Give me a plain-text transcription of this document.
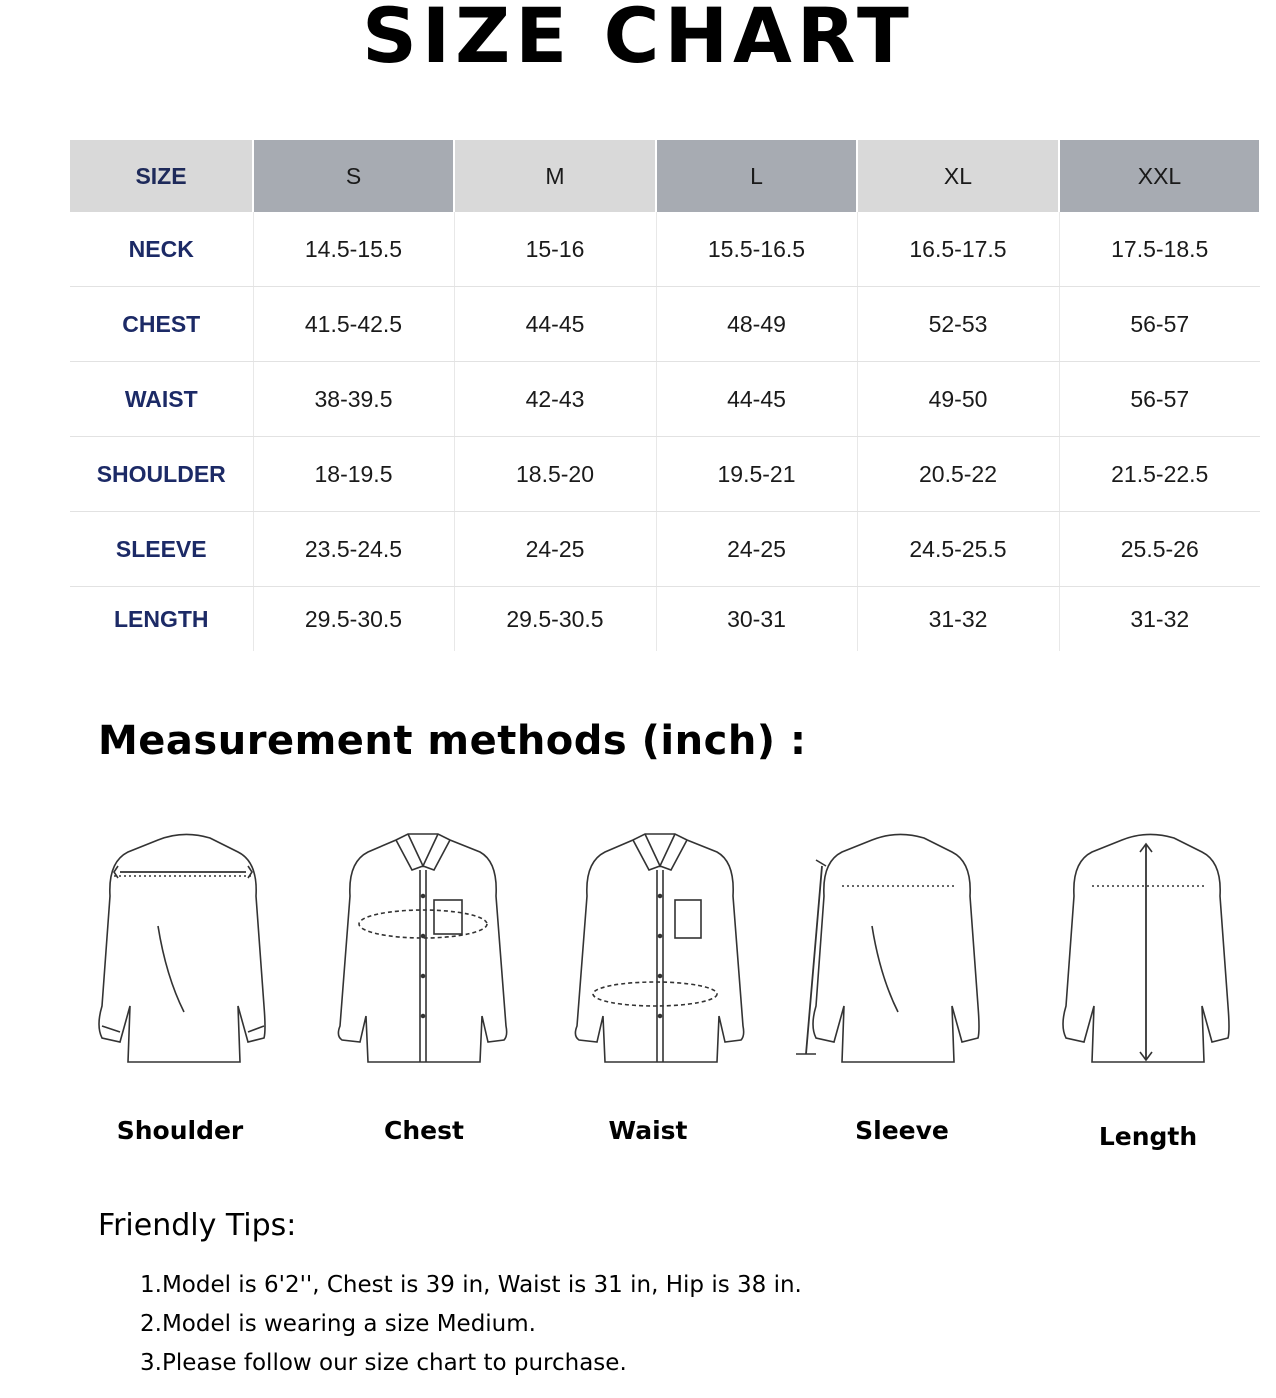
SIZE CHART
SIZE	S	M	L	XL	XXL
NECK	14.5-15.5	15-16	15.5-16.5	16.5-17.5	17.5-18.5
CHEST	41.5-42.5	44-45	48-49	52-53	56-57
WAIST	38-39.5	42-43	44-45	49-50	56-57
SHOULDER	18-19.5	18.5-20	19.5-21	20.5-22	21.5-22.5
SLEEVE	23.5-24.5	24-25	24-25	24.5-25.5	25.5-26
LENGTH	29.5-30.5	29.5-30.5	30-31	31-32	31-32
Measurement methods (inch) :
Shoulder	Chest	Waist	Sleeve	Length
Friendly Tips:
1.Model is 6'2'', Chest is 39 in, Waist is 31 in, Hip is 38 in.
2.Model is wearing a size Medium.
3.Please follow our size chart to purchase.
